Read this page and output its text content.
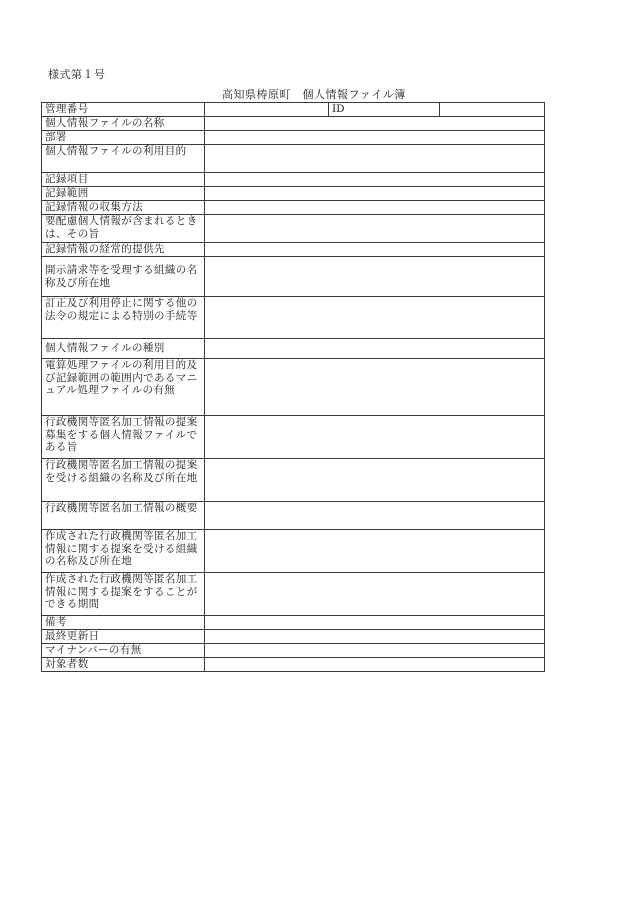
様式第１号
高知県梼原町　個人情報ファイル簿
管理番号		ID	
個人情報ファイルの名称			
部署			
個人情報ファイルの利用目的			
記録項目			
記録範囲			
記録情報の収集方法			
要配慮個人情報が含まれるときは、その旨			
記録情報の経常的提供先			
開示請求等を受理する組織の名称及び所在地			
訂正及び利用停止に関する他の法令の規定による特別の手続等			
個人情報ファイルの種別			
電算処理ファイルの利用目的及び記録範囲の範囲内であるマニュアル処理ファイルの有無			
行政機関等匿名加工情報の提案募集をする個人情報ファイルである旨			
行政機関等匿名加工情報の提案を受ける組織の名称及び所在地			
行政機関等匿名加工情報の概要			
作成された行政機関等匿名加工情報に関する提案を受ける組織の名称及び所在地			
作成された行政機関等匿名加工情報に関する提案をすることができる期間			
備考			
最終更新日			
マイナンバーの有無			
対象者数			
